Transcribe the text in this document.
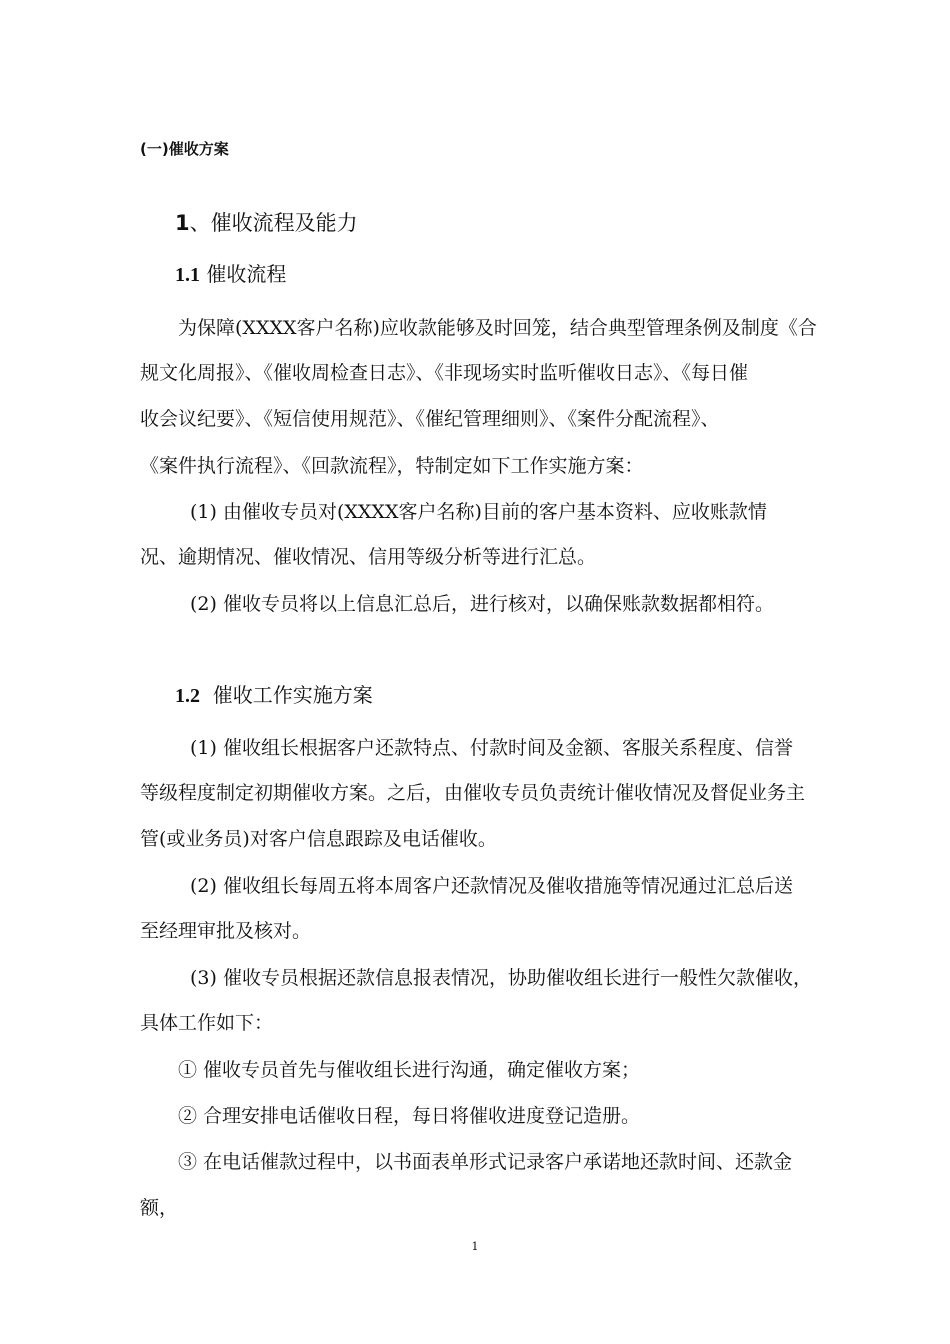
(一)催收方案
1、催收流程及能力
1.1 催收流程
为保障(XXXX客户名称)应收款能够及时回笼，结合典型管理条例及制度《合
规文化周报》、《催收周检查日志》、《非现场实时监听催收日志》、《每日催
收会议纪要》、《短信使用规范》、《催纪管理细则》、《案件分配流程》、
《案件执行流程》、《回款流程》，特制定如下工作实施方案：
(1) 由催收专员对(XXXX客户名称)目前的客户基本资料、应收账款情
况、逾期情况、催收情况、信用等级分析等进行汇总。
(2) 催收专员将以上信息汇总后，进行核对，以确保账款数据都相符。
1.2 催收工作实施方案
(1) 催收组长根据客户还款特点、付款时间及金额、客服关系程度、信誉
等级程度制定初期催收方案。之后，由催收专员负责统计催收情况及督促业务主
管(或业务员)对客户信息跟踪及电话催收。
(2) 催收组长每周五将本周客户还款情况及催收措施等情况通过汇总后送
至经理审批及核对。
(3) 催收专员根据还款信息报表情况，协助催收组长进行一般性欠款催收，
具体工作如下：
① 催收专员首先与催收组长进行沟通，确定催收方案；
② 合理安排电话催收日程，每日将催收进度登记造册。
③ 在电话催款过程中，以书面表单形式记录客户承诺地还款时间、还款金
额，
1
